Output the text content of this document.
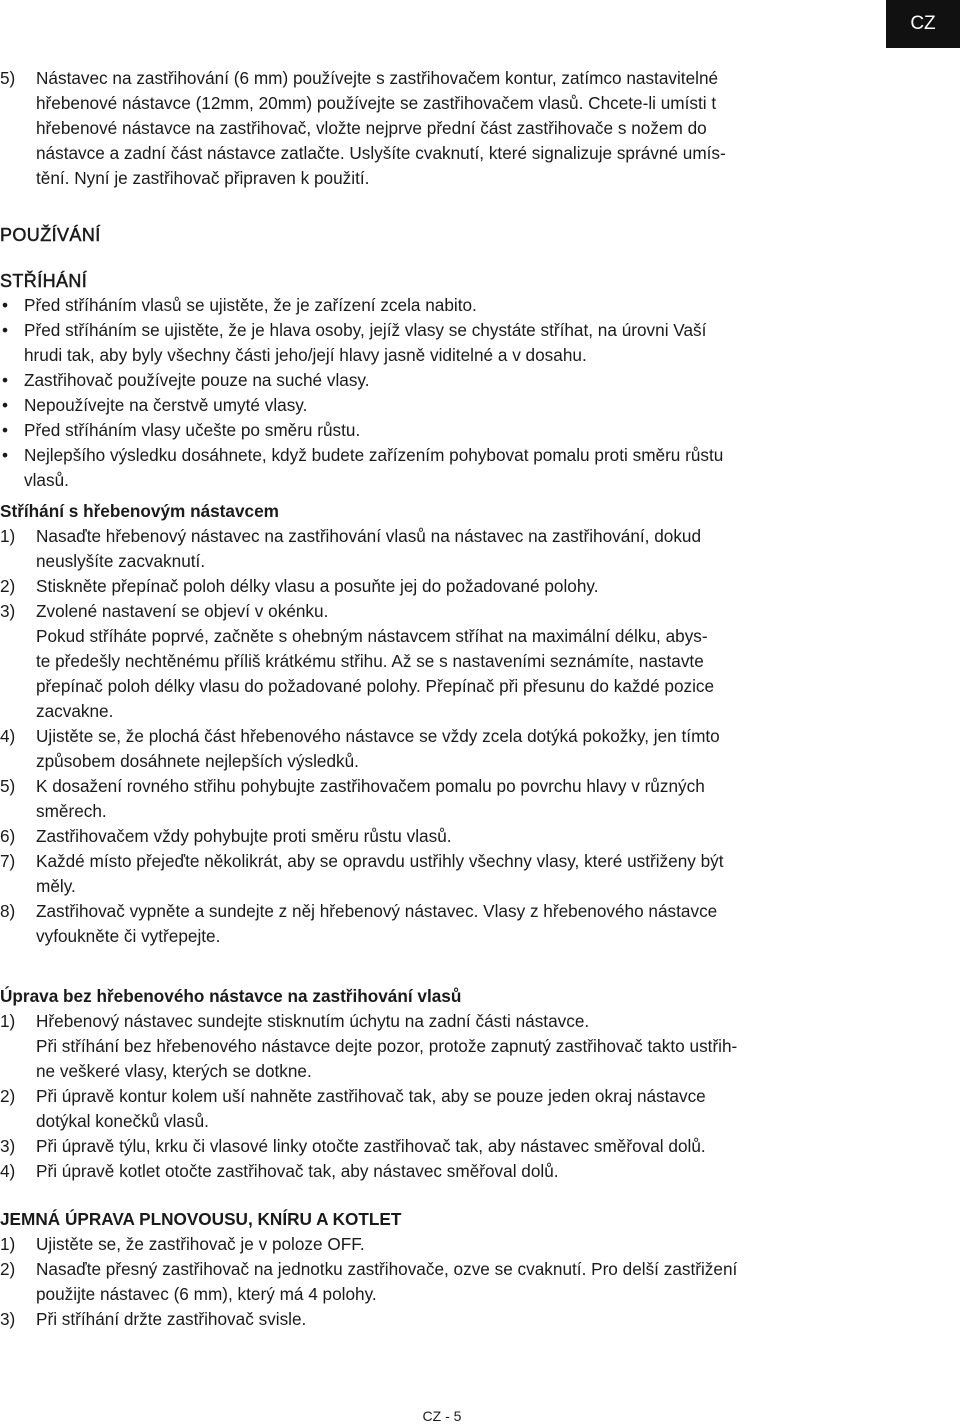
CZ
5)	Nástavec na zastřihování (6 mm) používejte s zastřihovačem kontur, zatímco nastavitelné
hřebenové nástavce (12mm, 20mm) používejte se zastřihovačem vlasů. Chcete-li umísti t
hřebenové nástavce na zastřihovač, vložte nejprve přední část zastřihovače s nožem do
nástavce a zadní část nástavce zatlačte. Uslyšíte cvaknutí, které signalizuje správné umís-
tění. Nyní je zastřihovač připraven k použití.
POUŽÍVÁNÍ
STŘÍHÁNÍ
• Před stříháním vlasů se ujistěte, že je zařízení zcela nabito.
• Před stříháním se ujistěte, že je hlava osoby, jejíž vlasy se chystáte stříhat, na úrovni Vaší
hrudi tak, aby byly všechny části jeho/její hlavy jasně viditelné a v dosahu.
• Zastřihovač používejte pouze na suché vlasy.
• Nepoužívejte na čerstvě umyté vlasy.
• Před stříháním vlasy učešte po směru růstu.
• Nejlepšího výsledku dosáhnete, když budete zařízením pohybovat pomalu proti směru růstu
vlasů.
Stříhání s hřebenovým nástavcem
1)	Nasaďte hřebenový nástavec na zastřihování vlasů na nástavec na zastřihování, dokud
neuslyšíte zacvaknutí.
2)	Stiskněte přepínač poloh délky vlasu a posuňte jej do požadované polohy.
3)	Zvolené nastavení se objeví v okénku.
Pokud stříháte poprvé, začněte s ohebným nástavcem stříhat na maximální délku, abys-
te předešly nechtěnému příliš krátkému střihu. Až se s nastaveními seznámíte, nastavte
přepínač poloh délky vlasu do požadované polohy. Přepínač při přesunu do každé pozice
zacvakne.
4)	Ujistěte se, že plochá část hřebenového nástavce se vždy zcela dotýká pokožky, jen tímto
způsobem dosáhnete nejlepších výsledků.
5)	K dosažení rovného střihu pohybujte zastřihovačem pomalu po povrchu hlavy v různých
směrech.
6)	Zastřihovačem vždy pohybujte proti směru růstu vlasů.
7)	Každé místo přejeďte několikrát, aby se opravdu ustřihly všechny vlasy, které ustřiženy být
měly.
8)	Zastřihovač vypněte a sundejte z něj hřebenový nástavec. Vlasy z hřebenového nástavce
vyfoukněte či vytřepejte.
Úprava bez hřebenového nástavce na zastřihování vlasů
1)	Hřebenový nástavec sundejte stisknutím úchytu na zadní části nástavce.
Při stříhání bez hřebenového nástavce dejte pozor, protože zapnutý zastřihovač takto ustřih-
ne veškeré vlasy, kterých se dotkne.
2)	Při úpravě kontur kolem uší nahněte zastřihovač tak, aby se pouze jeden okraj nástavce
dotýkal konečků vlasů.
3)	Při úpravě týlu, krku či vlasové linky otočte zastřihovač tak, aby nástavec směřoval dolů.
4)	Při úpravě kotlet otočte zastřihovač tak, aby nástavec směřoval dolů.
JEMNÁ ÚPRAVA PLNOVOUSU, KNÍRU A KOTLET
1)	Ujistěte se, že zastřihovač je v poloze OFF.
2)	Nasaďte přesný zastřihovač na jednotku zastřihovače, ozve se cvaknutí. Pro delší zastřižení
použijte nástavec (6 mm), který má 4 polohy.
3)	Při stříhání držte zastřihovač svisle.
CZ - 5
